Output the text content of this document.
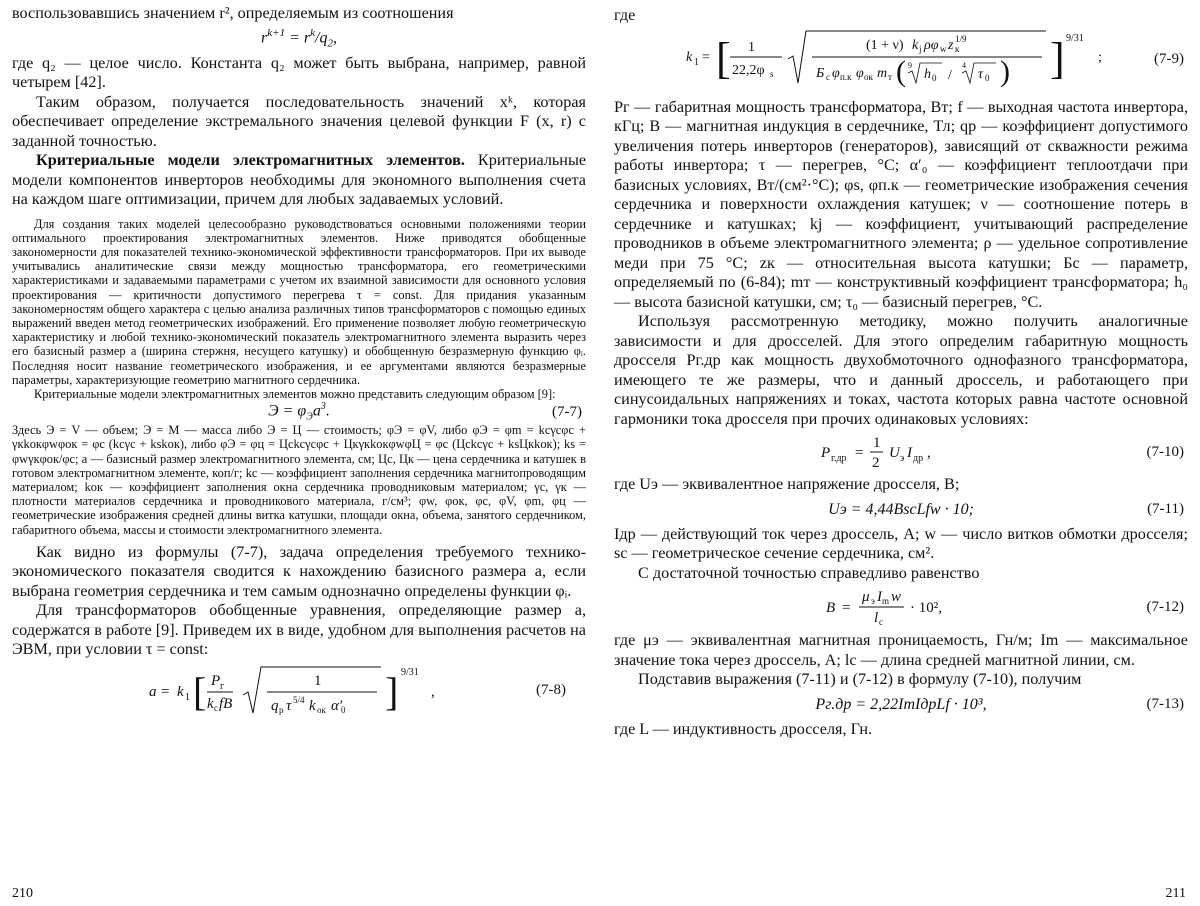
воспользовавшись значением r², определяемым из соотношения

$r^{k+1} = r^k/q_2$,

где q₂ — целое число. Константа q₂ может быть выбрана, например, равной четырем [42].

Таким образом, получается последовательность значений xᵏ, которая обеспечивает определение экстремального значения целевой функции F (x, r) с заданной точностью.

Критериальные модели электромагнитных элементов. Критериальные модели компонентов инверторов необходимы для экономного выполнения счета на каждом шаге оптимизации, причем для любых задаваемых условий.

Для создания таких моделей целесообразно руководствоваться основными положениями теории оптимального проектирования электромагнитных элементов. Ниже приводятся обобщенные закономерности для показателей технико-экономической эффективности трансформаторов. При их выводе учитывались аналитические связи между мощностью трансформатора, его геометрическими характеристиками и задаваемыми параметрами с учетом их взаимной зависимости для основного условия проектирования — критичности допустимого перегрева τ = const. Для придания указанным закономерностям общего характера с целью анализа различных типов трансформаторов с помощью единых выражений введен метод геометрических изображений. Его применение позволяет любую геометрическую характеристику и любой технико-экономический показатель электромагнитного элемента выразить через его базисный размер a (ширина стержня, несущего катушку) и обобщенную безразмерную функцию φᵢ. Последняя носит название геометрического изображения, и ее аргументами являются безразмерные параметры, характеризующие геометрию магнитного сердечника.

Критериальные модели электромагнитных элементов можно представить следующим образом [9]:

$Э = \varphi_Эa^3$.	(7-7)

Здесь Э = V — объем; Э = M — масса либо Э = Ц — стоимость; φЭ = φV, либо φЭ = φm = kcγcφc + γкkокφwφок = φc (kcγc + kskок), либо φЭ = φц = Цckcγcφc + ЦкγкkокφwφЦ = φc (Цckcγc + ksЦкkок); ks = φwγкφок/φc; a — базисный размер электромагнитного элемента, см; Цc, Цк — цена сердечника и катушек в готовом электромагнитном элементе, коп/г; kc — коэффициент заполнения сердечника магнитопроводящим материалом; kок — коэффициент заполнения окна сердечника проводниковым материалом; γc, γк — плотности материалов сердечника и проводникового материала, г/см³; φw, φок, φc, φV, φm, φц — геометрические изображения средней длины витка катушки, площади окна, объема, занятого сердечником, габаритного объема, массы и стоимости электромагнитного элемента.

Как видно из формулы (7-7), задача определения требуемого технико-экономического показателя сводится к нахождению базисного размера a, если выбрана геометрия сердечника и тем самым однозначно определены функции φᵢ.

Для трансформаторов обобщенные уравнения, определяющие размер a, содержатся в работе [9]. Приведем их в виде, удобном для выполнения расчетов на ЭВМ, при условии τ = const:

a = k 1 [ P г
k c fB
1
q p τ 5/4 k ок α′
0 ] 9/31
,	(7-8)
210

где

k 1 = [ 1
22,2φ s
(1 + ν) k j ρφ w z к
1/9
Б c φ п.к φ ок m т ( 9
h 0 /
4
τ 0 ) ] 9/31
;	(7-9)

Pг — габаритная мощность трансформатора, Вт; f — выходная частота инвертора, кГц; B — магнитная индукция в сердечнике, Тл; qp — коэффициент допустимого увеличения потерь инверторов (генераторов), зависящий от скважности режима работы инвертора; τ — перегрев, °С; α′₀ — коэффициент теплоотдачи при базисных условиях, Вт/(см²·°С); φs, φп.к — геометрические изображения сечения сердечника и поверхности охлаждения катушек; ν — соотношение потерь в сердечнике и катушках; kj — коэффициент, учитывающий распределение проводников в объеме электромагнитного элемента; ρ — удельное сопротивление меди при 75 °С; zк — относительная высота катушки; Бc — параметр, определяемый по (6-84); mт — конструктивный коэффициент трансформатора; h₀ — высота базисной катушки, см; τ₀ — базисный перегрев, °С.

Используя рассмотренную методику, можно получить аналогичные зависимости и для дросселей. Для этого определим габаритную мощность дросселя Pг.др как мощность двухобмоточного однофазного трансформатора, имеющего те же размеры, что и данный дроссель, и работающего при синусоидальных напряжениях и токах, частота которых равна частоте основной гармоники тока дросселя при прочих одинаковых условиях:

P г.др =
1
2
U э I др ,	(7-10)

где Uэ — эквивалентное напряжение дросселя, В;

Uэ = 4,44BscLfw · 10;	(7-11)

Iдр — действующий ток через дроссель, А; w — число витков обмотки дросселя; sc — геометрическое сечение сердечника, см².

С достаточной точностью справедливо равенство

B =
μ э I m w
l c
· 10²,	(7-12)

где μэ — эквивалентная магнитная проницаемость, Гн/м; Im — максимальное значение тока через дроссель, А; lc — длина средней магнитной линии, см.

Подставив выражения (7-11) и (7-12) в формулу (7-10), получим

Pг.др = 2,22ImIдрLf · 10³,	(7-13)

где L — индуктивность дросселя, Гн.

211
